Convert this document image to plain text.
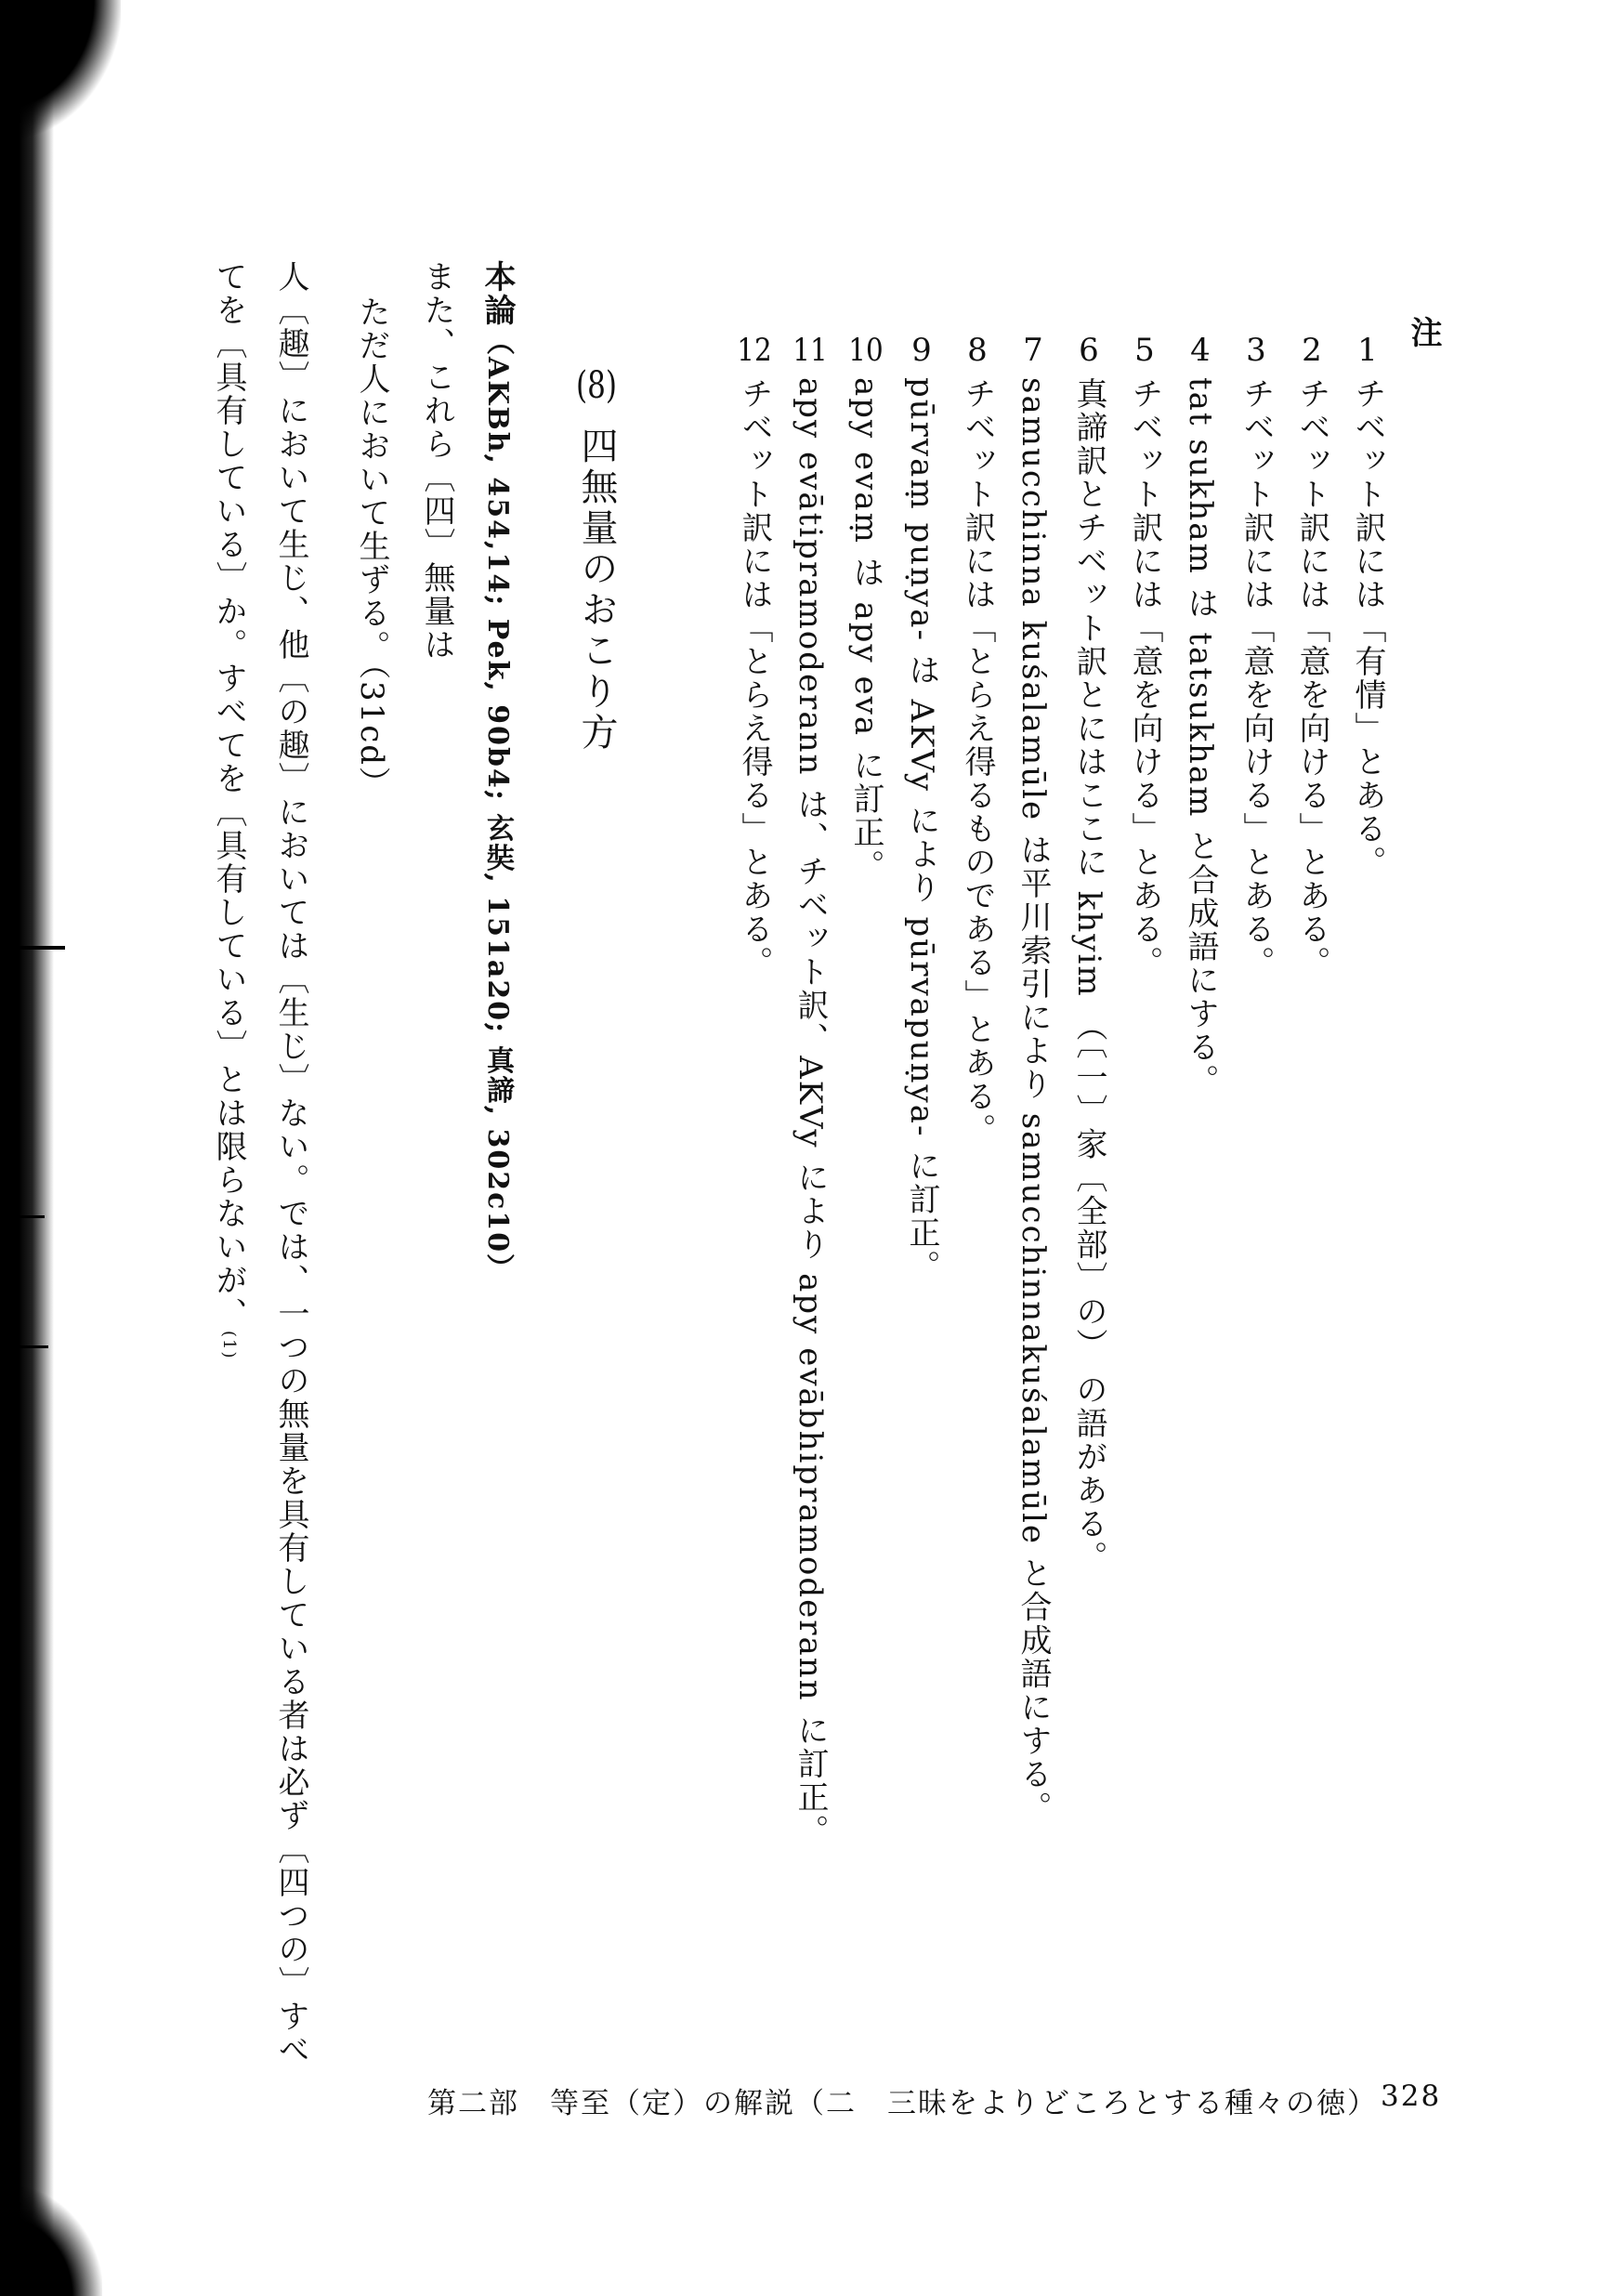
注
1チベット訳には「有情」とある。
2チベット訳には「意を向ける」とある。
3チベット訳には「意を向ける」とある。
4tat sukham は tatsukham と合成語にする。
5チベット訳には「意を向ける」とある。
6真諦訳とチベット訳とにはここに khyim （〔一〕家〔全部〕の） の語がある。
7samucchinna kuśalamūle は平川索引により samucchinnakuśalamūle と合成語にする。
8チベット訳には「とらえ得るものである」とある。
9pūrvaṃ puṇya- は AKVy により pūrvapuṇya- に訂正。
10apy evaṃ は apy eva に訂正。
11apy evātipramoderann は、チベット訳、AKVy により apy evābhipramoderann に訂正。
12チベット訳には「とらえ得る」とある。
(8)四無量のおこり方
本論（AKBh, 454,14; Pek, 90b4; 玄奘, 151a20; 真諦, 302c10）
また、これら〔四〕無量は
ただ人において生ずる。（31cd）
人〔趣〕において生じ、他〔の趣〕においては〔生じ〕ない。では、一つの無量を具有している者は必ず〔四つの〕すべ
てを〔具有している〕か。すべてを〔具有している〕とは限らないが、(1)
第二部　等至（定）の解説（二　三昧をよりどころとする種々の徳） 328
